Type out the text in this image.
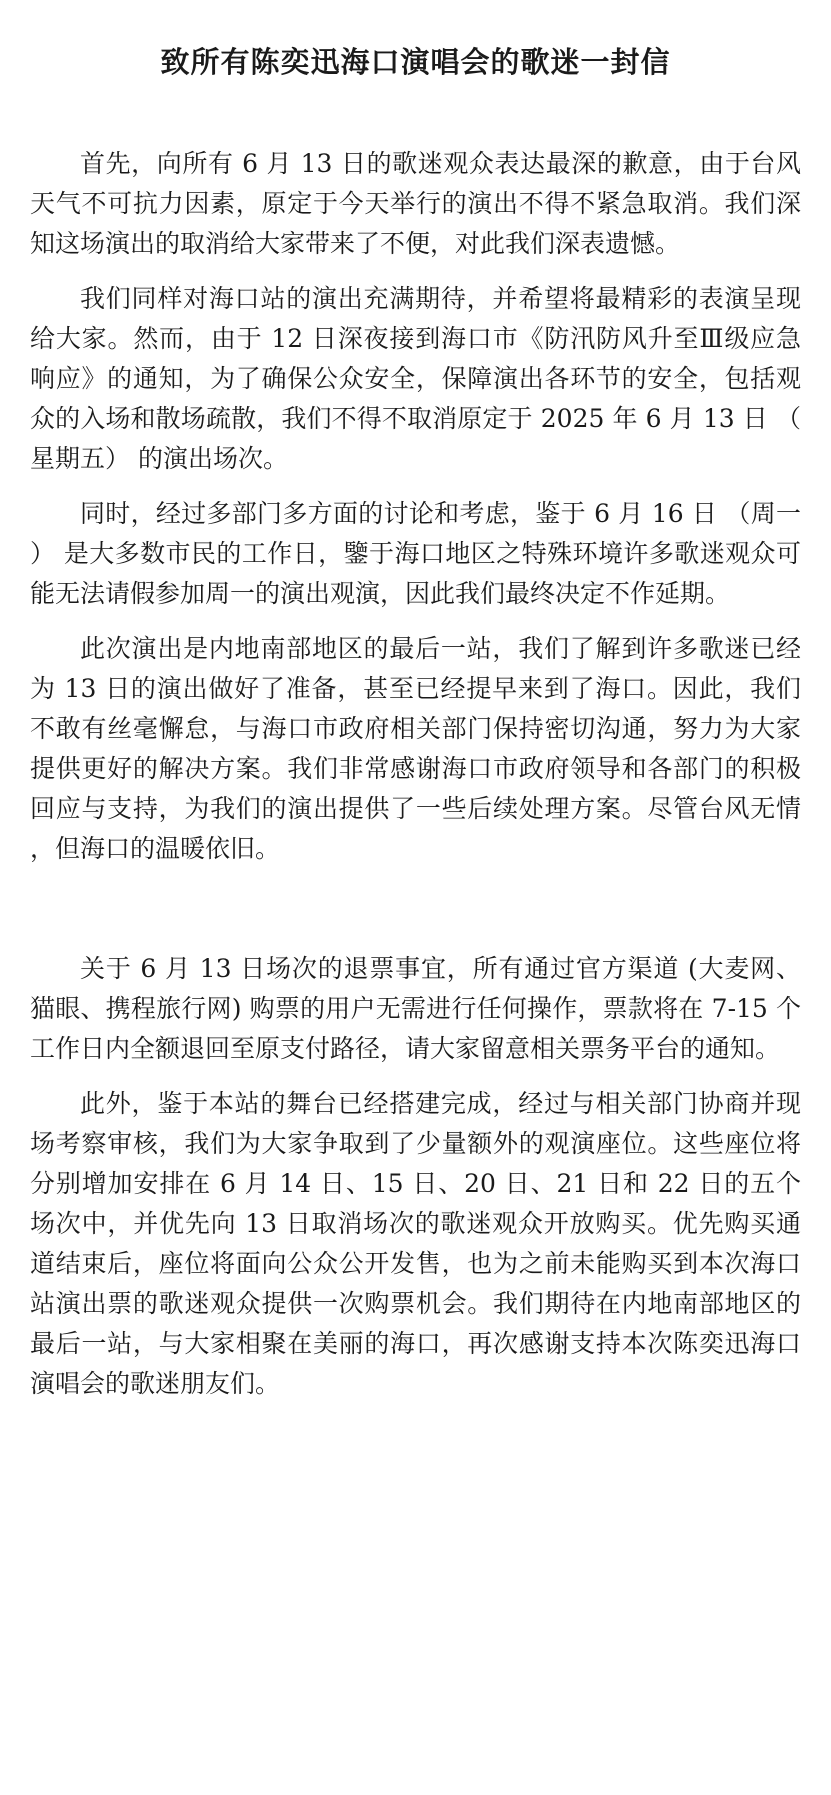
致所有陈奕迅海口演唱会的歌迷一封信

首先，向所有 6 月 13 日的歌迷观众表达最深的歉意，由于台风天气不可抗力因素，原定于今天举行的演出不得不紧急取消。我们深知这场演出的取消给大家带来了不便，对此我们深表遗憾。

我们同样对海口站的演出充满期待，并希望将最精彩的表演呈现给大家。然而，由于 12 日深夜接到海口市《防汛防风升至Ⅲ级应急响应》的通知，为了确保公众安全，保障演出各环节的安全，包括观众的入场和散场疏散，我们不得不取消原定于 2025 年 6 月 13 日 （星期五） 的演出场次。

同时，经过多部门多方面的讨论和考虑，鉴于 6 月 16 日 （周一） 是大多数市民的工作日，鑒于海口地区之特殊环境许多歌迷观众可能无法请假参加周一的演出观演，因此我们最终决定不作延期。

此次演出是内地南部地区的最后一站，我们了解到许多歌迷已经为 13 日的演出做好了准备，甚至已经提早来到了海口。因此，我们不敢有丝毫懈怠，与海口市政府相关部门保持密切沟通，努力为大家提供更好的解决方案。我们非常感谢海口市政府领导和各部门的积极回应与支持，为我们的演出提供了一些后续处理方案。尽管台风无情，但海口的温暖依旧。

关于 6 月 13 日场次的退票事宜，所有通过官方渠道 (大麦网、猫眼、携程旅行网) 购票的用户无需进行任何操作，票款将在 7-15 个工作日内全额退回至原支付路径，请大家留意相关票务平台的通知。

此外，鉴于本站的舞台已经搭建完成，经过与相关部门协商并现场考察审核，我们为大家争取到了少量额外的观演座位。这些座位将分别增加安排在 6 月 14 日、15 日、20 日、21 日和 22 日的五个场次中，并优先向 13 日取消场次的歌迷观众开放购买。优先购买通道结束后，座位将面向公众公开发售，也为之前未能购买到本次海口站演出票的歌迷观众提供一次购票机会。我们期待在内地南部地区的最后一站，与大家相聚在美丽的海口，再次感谢支持本次陈奕迅海口演唱会的歌迷朋友们。
